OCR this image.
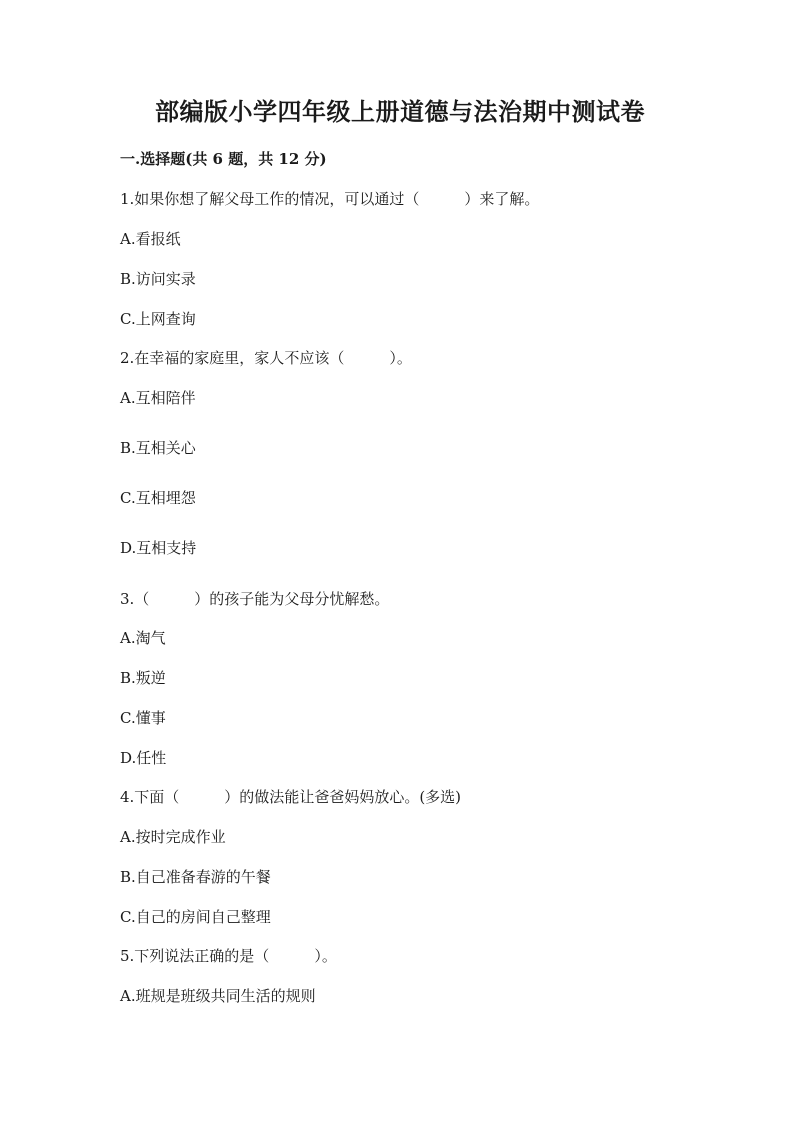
部编版小学四年级上册道德与法治期中测试卷
一.选择题(共 6 题，共 12 分)
1.如果你想了解父母工作的情况，可以通过（　　　）来了解。
A.看报纸
B.访问实录
C.上网查询
2.在幸福的家庭里，家人不应该（　　　）。
A.互相陪伴
B.互相关心
C.互相埋怨
D.互相支持
3.（　　　）的孩子能为父母分忧解愁。
A.淘气
B.叛逆
C.懂事
D.任性
4.下面（　　　）的做法能让爸爸妈妈放心。(多选)
A.按时完成作业
B.自己准备春游的午餐
C.自己的房间自己整理
5.下列说法正确的是（　　　）。
A.班规是班级共同生活的规则
